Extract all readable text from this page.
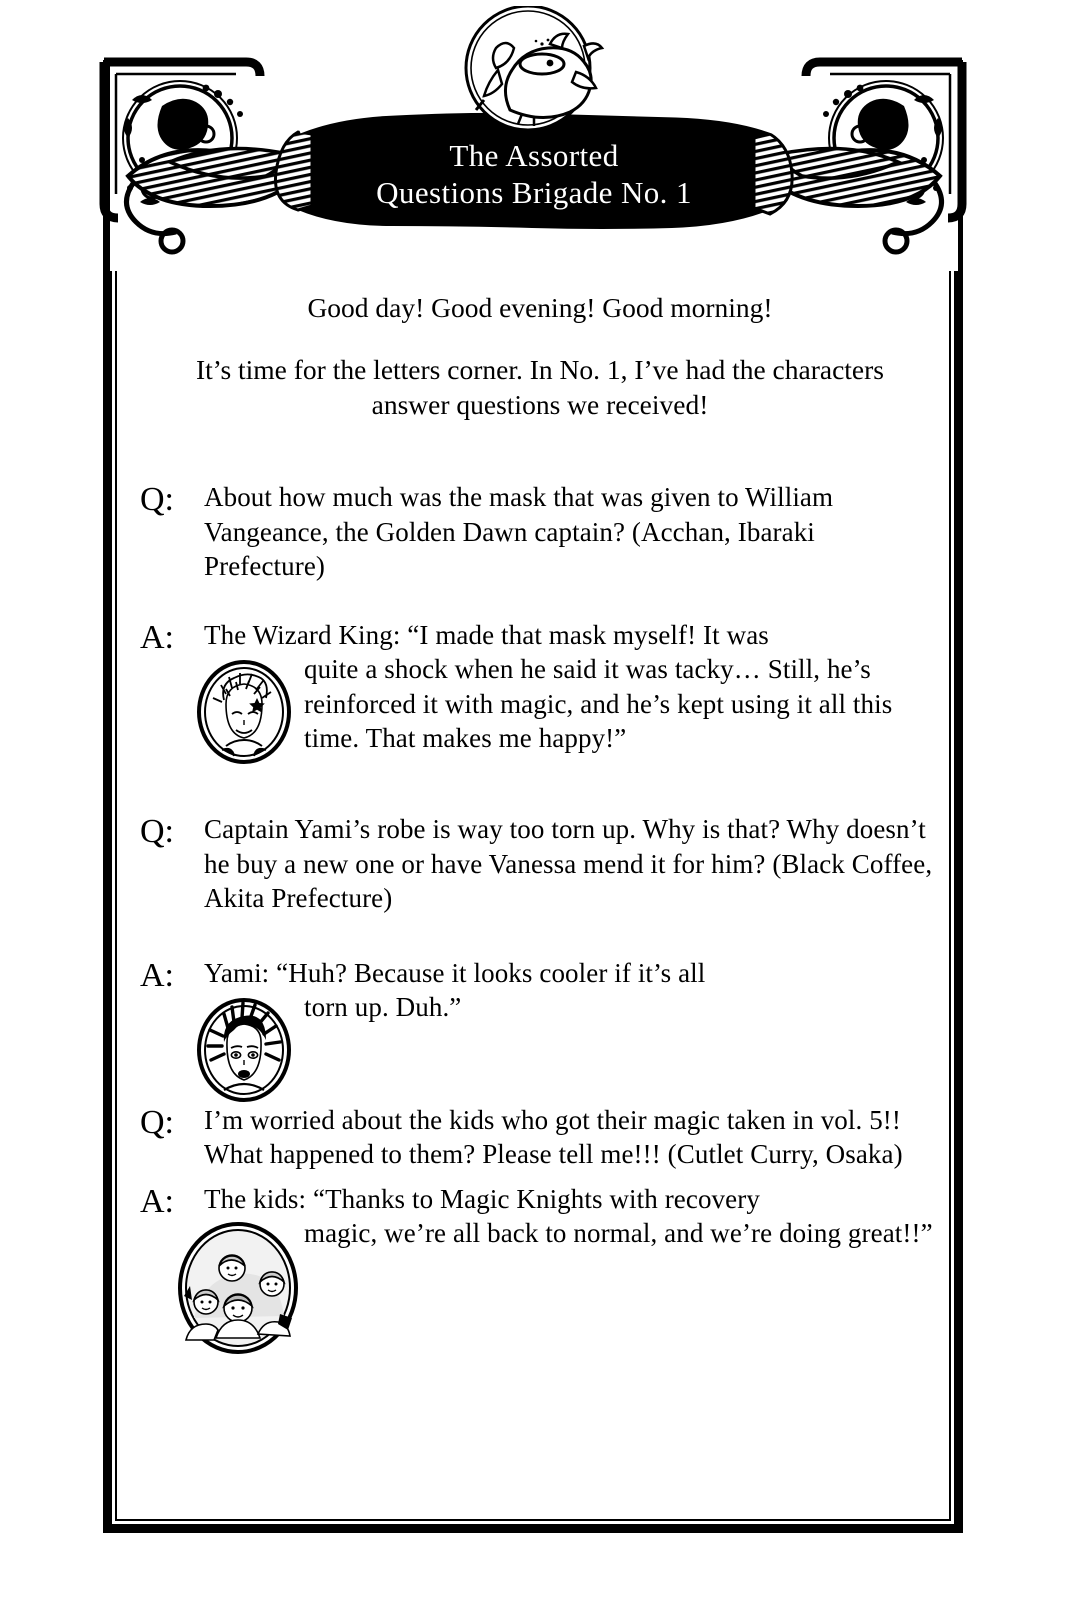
The Assorted
Questions Brigade No. 1
Good day! Good evening! Good morning!
It’s time for the letters corner. In No. 1, I’ve had the characters answer questions we received!
Q:	About how much was the mask that was given to William Vangeance, the Golden Dawn captain? (Acchan, Ibaraki Prefecture)
A:	The Wizard King: “I made that mask myself! It was
quite a shock when he said it was tacky… Still, he’s reinforced it with magic, and he’s kept using it all this time. That makes me happy!”
Q:	Captain Yami’s robe is way too torn up. Why is that? Why doesn’t he buy a new one or have Vanessa mend it for him? (Black Coffee, Akita Prefecture)
A:	Yami: “Huh? Because it looks cooler if it’s all
torn up. Duh.”
Q:	I’m worried about the kids who got their magic taken in vol. 5!! What happened to them? Please tell me!!! (Cutlet Curry, Osaka)
A:	The kids: “Thanks to Magic Knights with recovery
magic, we’re all back to normal, and we’re doing great!!”
